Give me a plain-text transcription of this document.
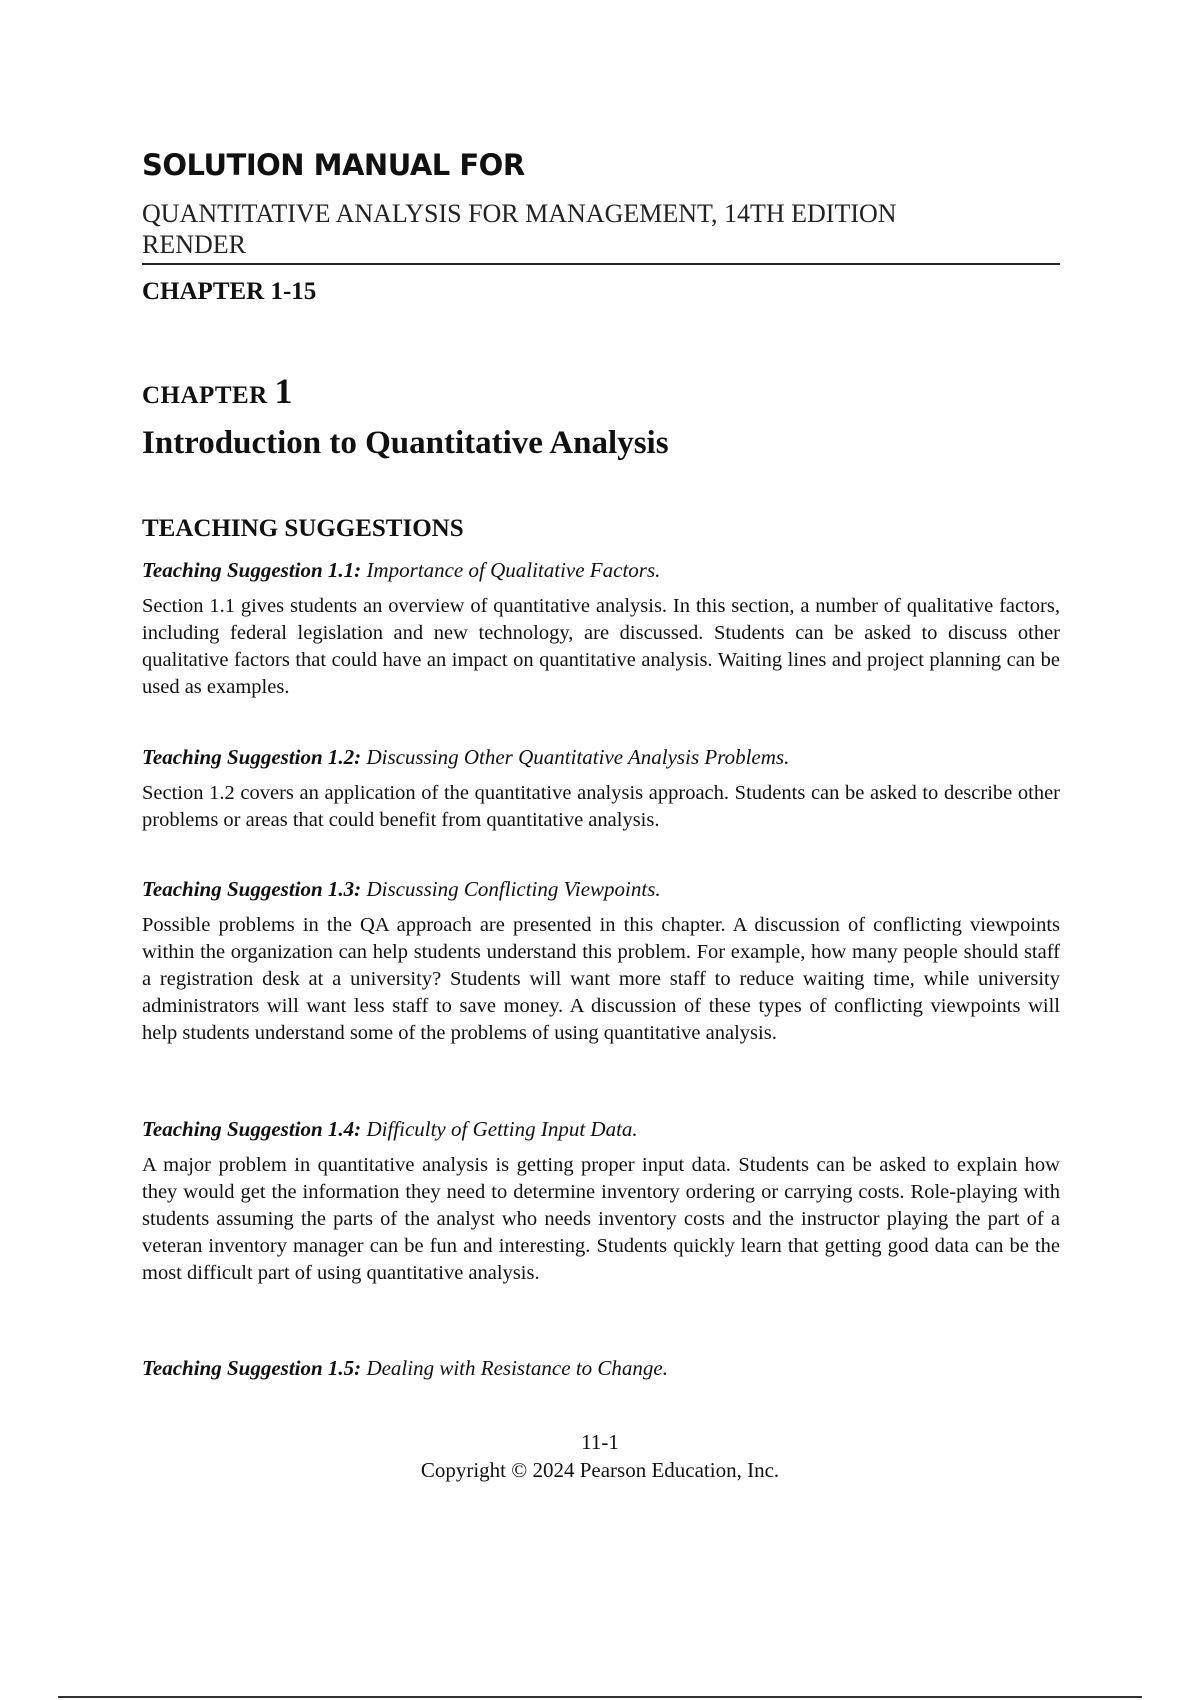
SOLUTION MANUAL FOR
QUANTITATIVE ANALYSIS FOR MANAGEMENT, 14TH EDITION
RENDER
CHAPTER 1-15
CHAPTER 1
Introduction to Quantitative Analysis
TEACHING SUGGESTIONS

Teaching Suggestion 1.1: Importance of Qualitative Factors.

Section 1.1 gives students an overview of quantitative analysis. In this section, a number of qualitative factors, including federal legislation and new technology, are discussed. Students can be asked to discuss other qualitative factors that could have an impact on quantitative analysis. Waiting lines and project planning can be used as examples.

Teaching Suggestion 1.2: Discussing Other Quantitative Analysis Problems.

Section 1.2 covers an application of the quantitative analysis approach. Students can be asked to describe other problems or areas that could benefit from quantitative analysis.

Teaching Suggestion 1.3: Discussing Conflicting Viewpoints.

Possible problems in the QA approach are presented in this chapter. A discussion of conflicting viewpoints within the organization can help students understand this problem. For example, how many people should staff a registration desk at a university? Students will want more staff to reduce waiting time, while university administrators will want less staff to save money. A discussion of these types of conflicting viewpoints will help students understand some of the problems of using quantitative analysis.

Teaching Suggestion 1.4: Difficulty of Getting Input Data.

A major problem in quantitative analysis is getting proper input data. Students can be asked to explain how they would get the information they need to determine inventory ordering or carrying costs. Role-playing with students assuming the parts of the analyst who needs inventory costs and the instructor playing the part of a veteran inventory manager can be fun and interesting. Students quickly learn that getting good data can be the most difficult part of using quantitative analysis.

Teaching Suggestion 1.5: Dealing with Resistance to Change.

11-1
Copyright © 2024 Pearson Education, Inc.
